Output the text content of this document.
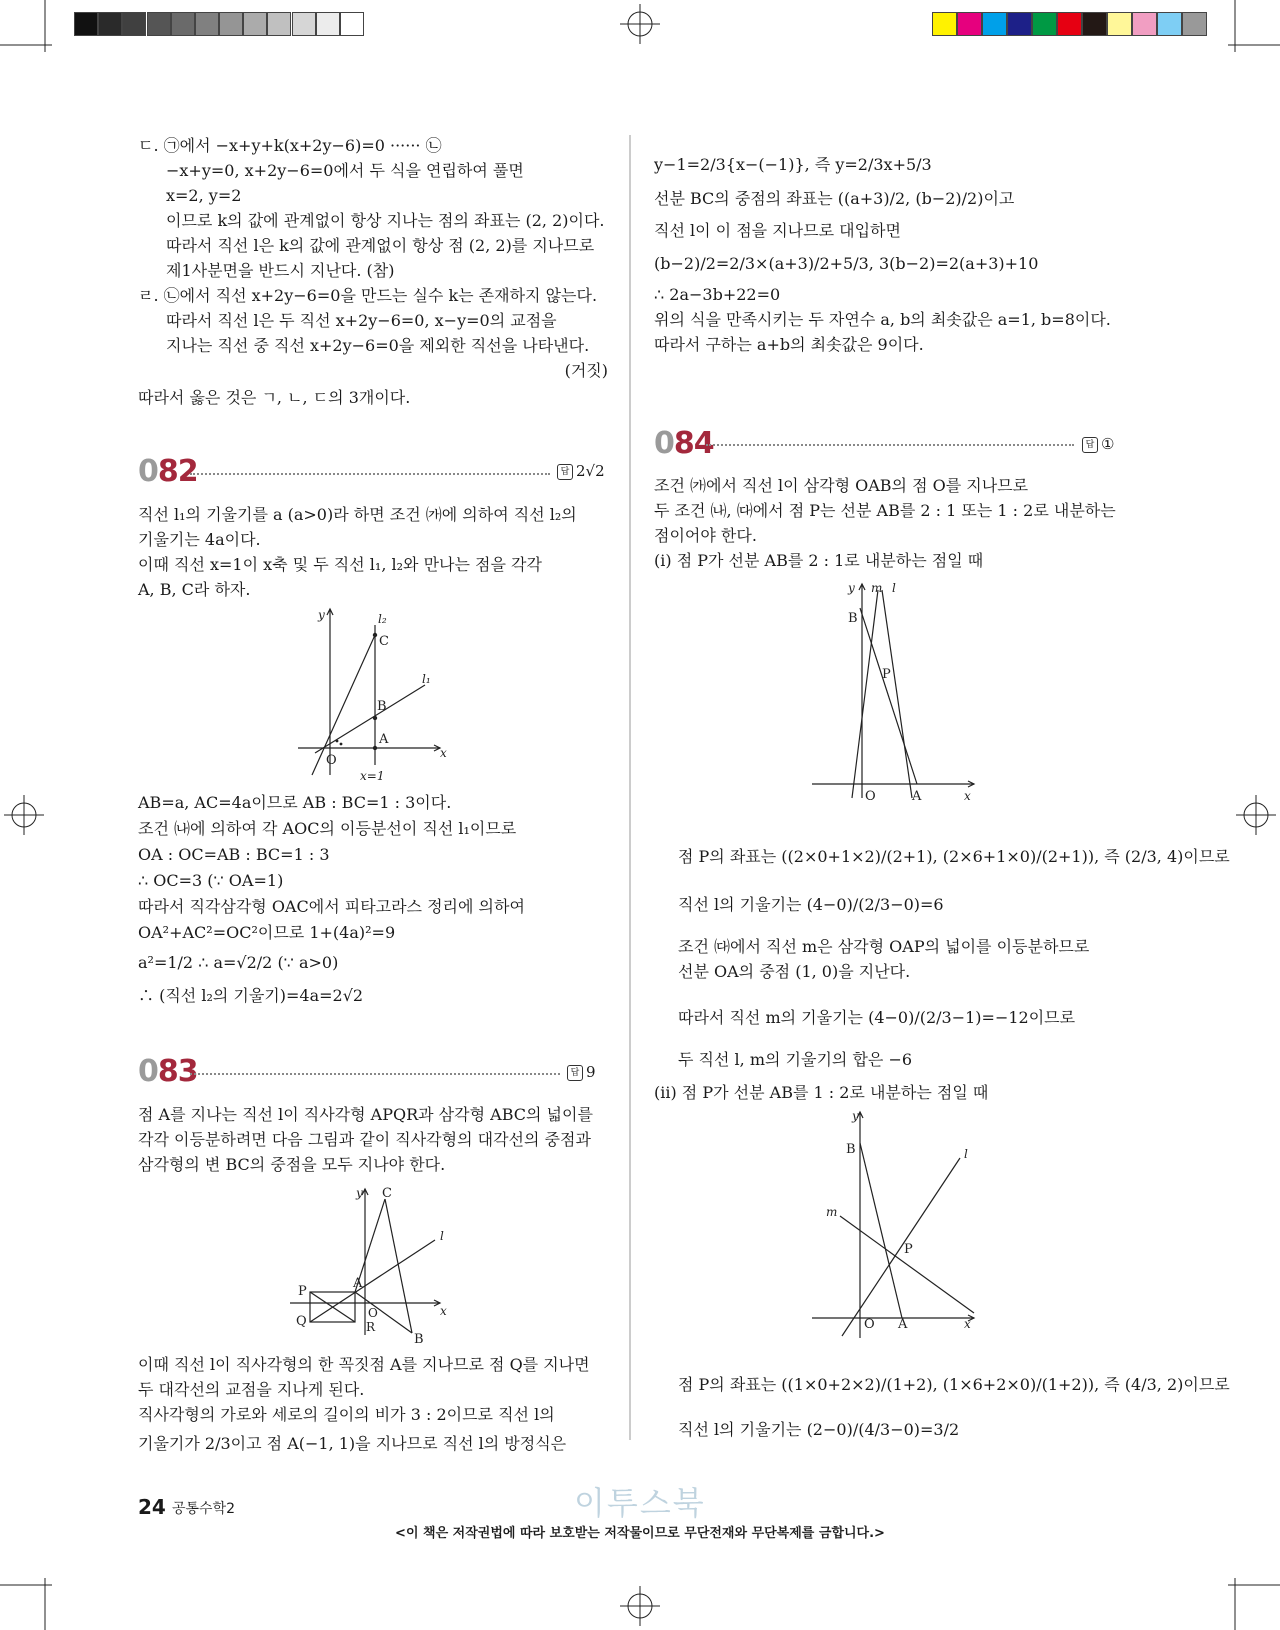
ㄷ. ㉠에서 −x+y+k(x+2y−6)=0 ······ ㉡
−x+y=0, x+2y−6=0에서 두 식을 연립하여 풀면
x=2, y=2
이므로 k의 값에 관계없이 항상 지나는 점의 좌표는 (2, 2)이다.
따라서 직선 l은 k의 값에 관계없이 항상 점 (2, 2)를 지나므로
제1사분면을 반드시 지난다. (참)
ㄹ. ㉡에서 직선 x+2y−6=0을 만드는 실수 k는 존재하지 않는다.
따라서 직선 l은 두 직선 x+2y−6=0, x−y=0의 교점을
지나는 직선 중 직선 x+2y−6=0을 제외한 직선을 나타낸다.
(거짓)
따라서 옳은 것은 ㄱ, ㄴ, ㄷ의 3개이다.
082	답 2√2
직선 l₁의 기울기를 a (a>0)라 하면 조건 ㈎에 의하여 직선 l₂의
기울기는 4a이다.
이때 직선 x=1이 x축 및 두 직선 l₁, l₂와 만나는 점을 각각
A, B, C라 하자.
y
x
O
A
B
C
l₁
l₂
x=1
AB=a, AC=4a이므로 AB : BC=1 : 3이다.
조건 ㈏에 의하여 각 AOC의 이등분선이 직선 l₁이므로
OA : OC=AB : BC=1 : 3
∴ OC=3 (∵ OA=1)
따라서 직각삼각형 OAC에서 피타고라스 정리에 의하여
OA²+AC²=OC²이므로 1+(4a)²=9
a²=1/2 ∴ a=√2/2 (∵ a>0)
∴ (직선 l₂의 기울기)=4a=2√2
083	답 9
점 A를 지나는 직선 l이 직사각형 APQR과 삼각형 ABC의 넓이를
각각 이등분하려면 다음 그림과 같이 직사각형의 대각선의 중점과
삼각형의 변 BC의 중점을 모두 지나야 한다.
y
x
C
l
P
A
Q
O
R
B
이때 직선 l이 직사각형의 한 꼭짓점 A를 지나므로 점 Q를 지나면
두 대각선의 교점을 지나게 된다.
직사각형의 가로와 세로의 길이의 비가 3 : 2이므로 직선 l의
기울기가 2/3이고 점 A(−1, 1)을 지나므로 직선 l의 방정식은
y−1=2/3{x−(−1)}, 즉 y=2/3x+5/3
선분 BC의 중점의 좌표는 ((a+3)/2, (b−2)/2)이고
직선 l이 이 점을 지나므로 대입하면
(b−2)/2=2/3×(a+3)/2+5/3, 3(b−2)=2(a+3)+10
∴ 2a−3b+22=0
위의 식을 만족시키는 두 자연수 a, b의 최솟값은 a=1, b=8이다.
따라서 구하는 a+b의 최솟값은 9이다.
084	답 ①
조건 ㈎에서 직선 l이 삼각형 OAB의 점 O를 지나므로
두 조건 ㈏, ㈐에서 점 P는 선분 AB를 2 : 1 또는 1 : 2로 내분하는
점이어야 한다.
(i) 점 P가 선분 AB를 2 : 1로 내분하는 점일 때
y m l
B
P
O	A	x
점 P의 좌표는 ((2×0+1×2)/(2+1), (2×6+1×0)/(2+1)), 즉 (2/3, 4)이므로
직선 l의 기울기는 (4−0)/(2/3−0)=6
조건 ㈐에서 직선 m은 삼각형 OAP의 넓이를 이등분하므로
선분 OA의 중점 (1, 0)을 지난다.
따라서 직선 m의 기울기는 (4−0)/(2/3−1)=−12이므로
두 직선 l, m의 기울기의 합은 −6
(ii) 점 P가 선분 AB를 1 : 2로 내분하는 점일 때
y
B	l
m
P
O A	x
점 P의 좌표는 ((1×0+2×2)/(1+2), (1×6+2×0)/(1+2)), 즉 (4/3, 2)이므로
직선 l의 기울기는 (2−0)/(4/3−0)=3/2
이투스북
24 공통수학2
<이 책은 저작권법에 따라 보호받는 저작물이므로 무단전재와 무단복제를 금합니다.>
